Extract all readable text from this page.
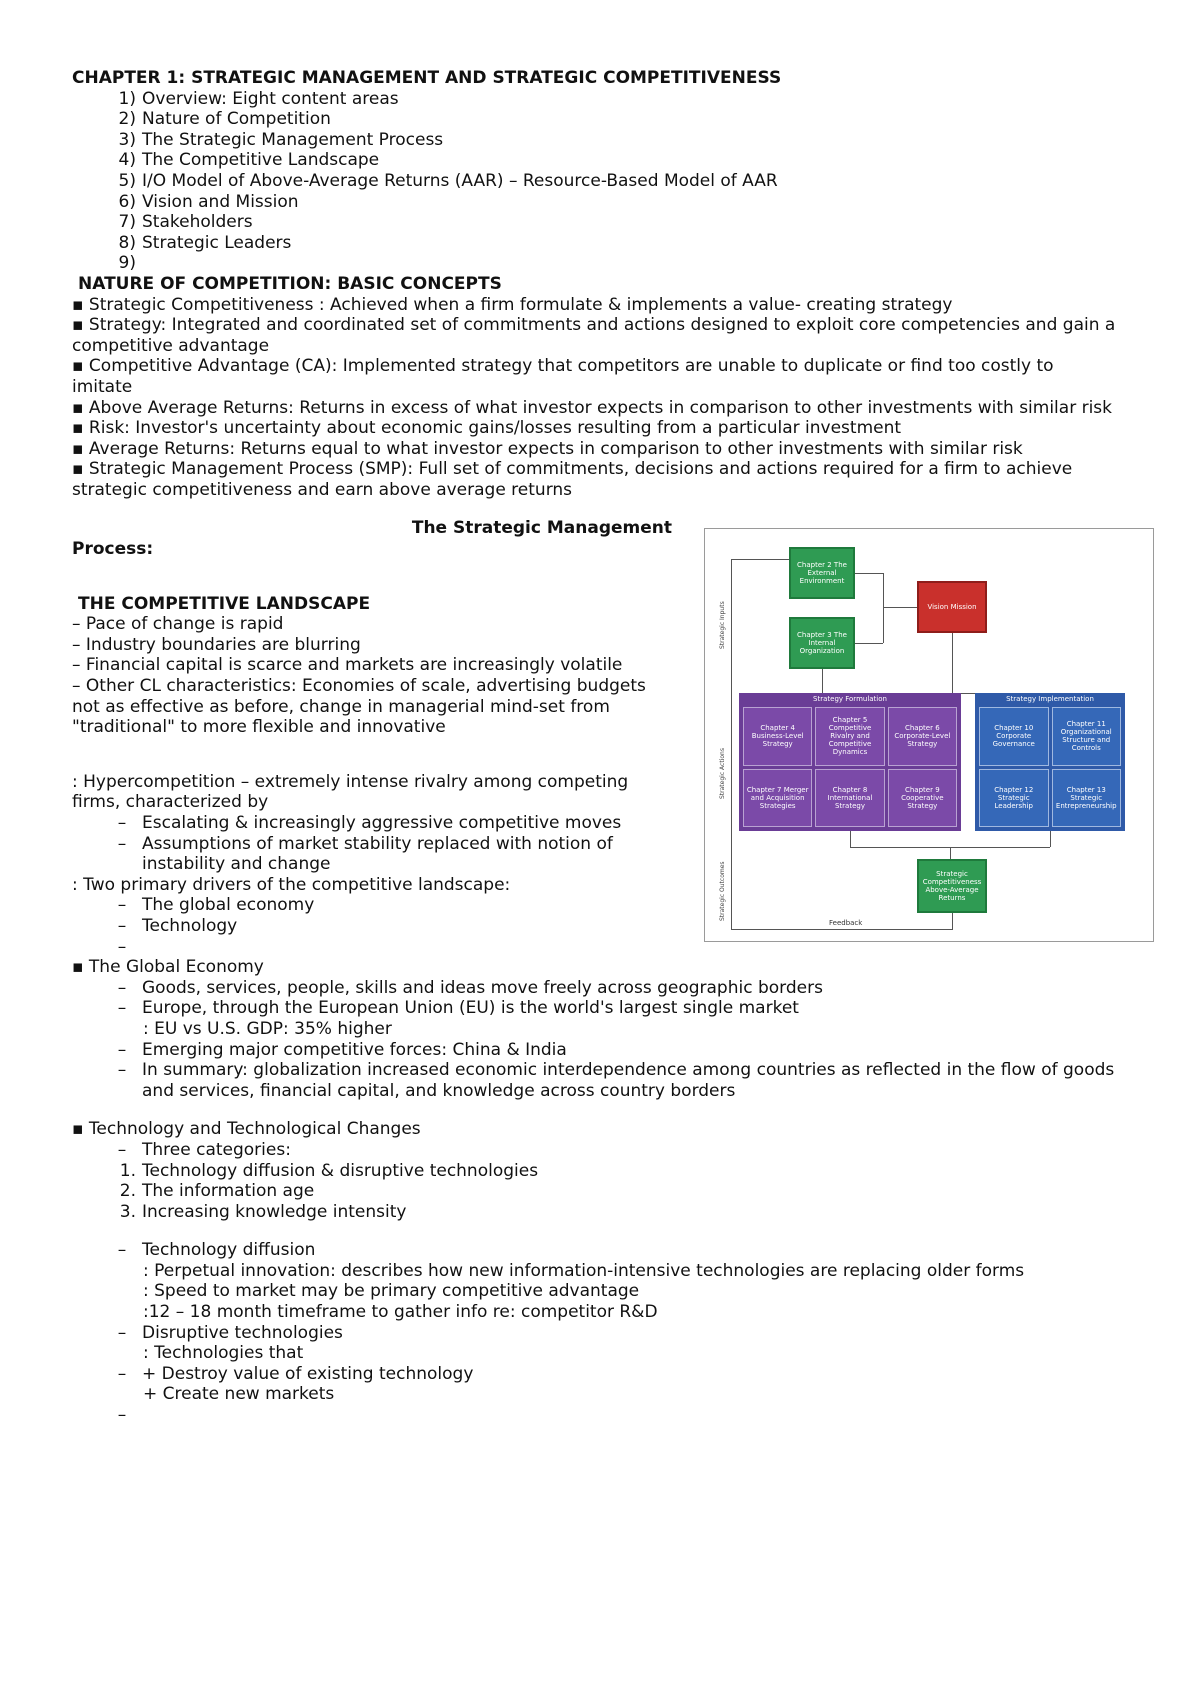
CHAPTER 1: STRATEGIC MANAGEMENT AND STRATEGIC COMPETITIVENESS
1) Overview: Eight content areas
2) Nature of Competition
3) The Strategic Management Process
4) The Competitive Landscape
5) I/O Model of Above-Average Returns (AAR) – Resource-Based Model of AAR
6) Vision and Mission
7) Stakeholders
8) Strategic Leaders
9)
NATURE OF COMPETITION: BASIC CONCEPTS
▪ Strategic Competitiveness : Achieved when a firm formulate & implements a value- creating strategy
▪ Strategy: Integrated and coordinated set of commitments and actions designed to exploit core competencies and gain a competitive advantage
▪ Competitive Advantage (CA): Implemented strategy that competitors are unable to duplicate or find too costly to imitate
▪ Above Average Returns: Returns in excess of what investor expects in comparison to other investments with similar risk
▪ Risk: Investor's uncertainty about economic gains/losses resulting from a particular investment
▪ Average Returns: Returns equal to what investor expects in comparison to other investments with similar risk
▪ Strategic Management Process (SMP): Full set of commitments, decisions and actions required for a firm to achieve strategic competitiveness and earn above average returns
The Strategic Management
Process:
THE COMPETITIVE LANDSCAPE
– Pace of change is rapid
– Industry boundaries are blurring
– Financial capital is scarce and markets are increasingly volatile
– Other CL characteristics: Economies of scale, advertising budgets not as effective as before, change in managerial mind-set from "traditional" to more flexible and innovative
: Hypercompetition – extremely intense rivalry among competing firms, characterized by
– Escalating & increasingly aggressive competitive moves
– Assumptions of market stability replaced with notion of instability and change
: Two primary drivers of the competitive landscape:
– The global economy
– Technology
–
▪ The Global Economy
– Goods, services, people, skills and ideas move freely across geographic borders
– Europe, through the European Union (EU) is the world's largest single market
: EU vs U.S. GDP: 35% higher
– Emerging major competitive forces: China & India
– In summary: globalization increased economic interdependence among countries as reflected in the flow of goods and services, financial capital, and knowledge across country borders
▪ Technology and Technological Changes
– Three categories:
1. Technology diffusion & disruptive technologies
2. The information age
3. Increasing knowledge intensity
– Technology diffusion
: Perpetual innovation: describes how new information-intensive technologies are replacing older forms
: Speed to market may be primary competitive advantage
:12 – 18 month timeframe to gather info re: competitor R&D
– Disruptive technologies
: Technologies that
– + Destroy value of existing technology
+ Create new markets
–
Chapter 2 The External Environment
Chapter 3 The Internal Organization
Vision Mission
Strategy Formulation
Chapter 4 Business-Level Strategy
Chapter 5 Competitive Rivalry and Competitive Dynamics
Chapter 6 Corporate-Level Strategy
Chapter 7 Merger and Acquisition Strategies
Chapter 8 International Strategy
Chapter 9 Cooperative Strategy
Strategy Implementation
Chapter 10 Corporate Governance
Chapter 11 Organizational Structure and Controls
Chapter 12 Strategic Leadership
Chapter 13 Strategic Entrepreneurship
Strategic Competitiveness Above-Average Returns
Feedback
Strategic Inputs
Strategic Actions
Strategic Outcomes
